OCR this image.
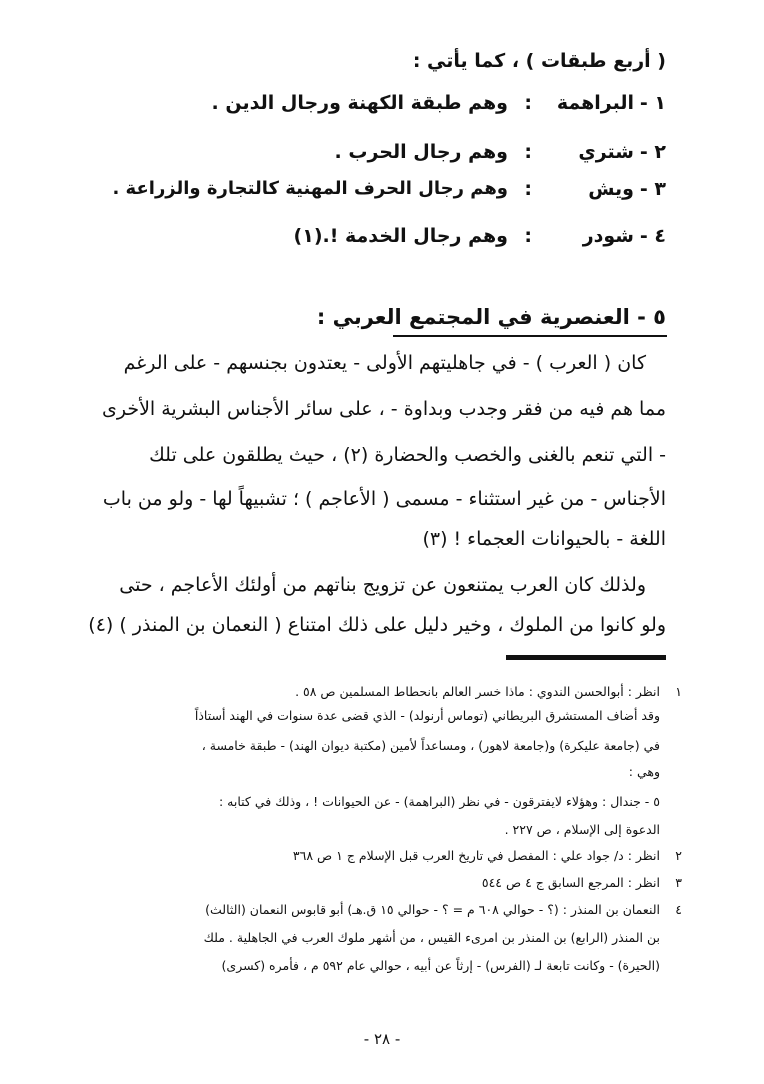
( أربع طبقات ) ، كما يأتي :
١ -
البراهمة
:
وهم طبقة الكهنة ورجال الدين .
٢ -
شتري
:
وهم رجال الحرب .
٣ -
ويش
:
وهم رجال الحرف المهنية كالتجارة والزراعة .
٤ -
شودر
:
وهم رجال الخدمة !.(١)
٥ - العنصرية في المجتمع العربي :
كان ( العرب ) - في جاهليتهم الأولى - يعتدون بجنسهم - على الرغم
مما هم فيه من فقر وجدب وبداوة - ، على سائر الأجناس البشرية الأخرى
- التي تنعم بالغنى والخصب والحضارة (٢) ، حيث يطلقون على تلك
الأجناس - من غير استثناء - مسمى ( الأعاجم ) ؛ تشبيهاً لها - ولو من باب
اللغة - بالحيوانات العجماء ! (٣)
ولذلك كان العرب يمتنعون عن تزويج بناتهم من أولئك الأعاجم ، حتى
ولو كانوا من الملوك ، وخير دليل على ذلك امتناع ( النعمان بن المنذر ) (٤)
١
انظر : أبوالحسن الندوي : ماذا خسر العالم بانحطاط المسلمين ص ٥٨ .
وقد أضاف المستشرق البريطاني (توماس أرنولد) - الذي قضى عدة سنوات في الهند أستاذاً
في (جامعة عليكرة) و(جامعة لاهور) ، ومساعداً لأمين (مكتبة ديوان الهند) - طبقة خامسة ،
وهي :
٥ - جندال : وهؤلاء لايفترقون - في نظر (البراهمة) - عن الحيوانات ! ، وذلك في كتابه :
الدعوة إلى الإسلام ، ص ٢٢٧ .
٢
انظر : د/ جواد علي : المفصل في تاريخ العرب قبل الإسلام ج ١ ص ٣٦٨
٣
انظر : المرجع السابق ج ٤ ص ٥٤٤
٤
النعمان بن المنذر : (؟ - حوالي ٦٠٨ م = ؟ - حوالي ١٥ ق.هـ) أبو قابوس النعمان (الثالث)
بن المنذر (الرابع) بن المنذر بن امرىء القيس ، من أشهر ملوك العرب في الجاهلية . ملك
(الحيرة) - وكانت تابعة لـ (الفرس) - إرثاً عن أبيه ، حوالي عام ٥٩٢ م ، فأمره (كسرى)
- ٢٨ -
